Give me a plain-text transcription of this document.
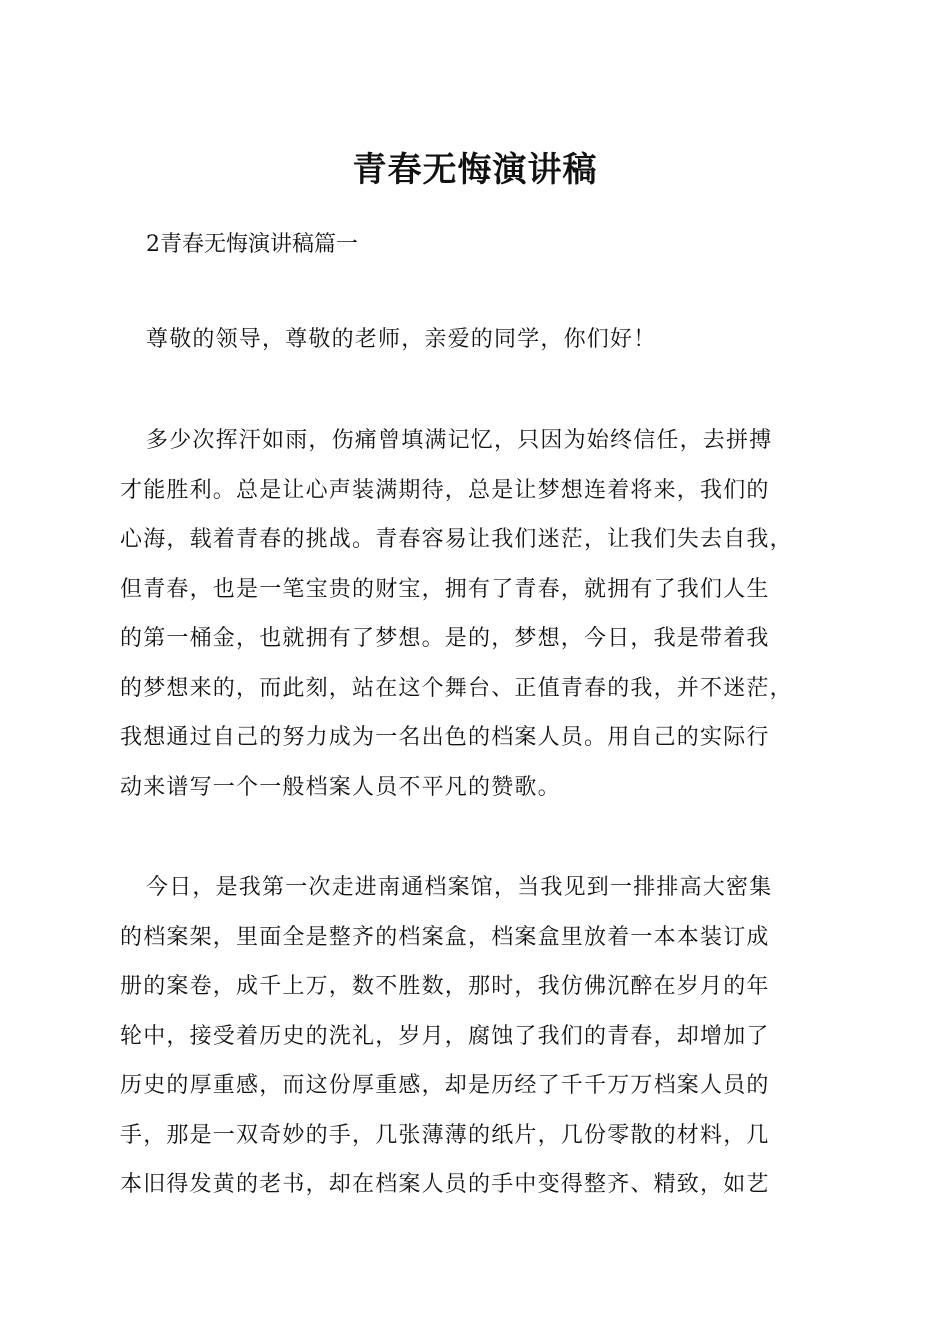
青春无悔演讲稿
2青春无悔演讲稿篇一
尊敬的领导，尊敬的老师，亲爱的同学，你们好！
多少次挥汗如雨，伤痛曾填满记忆，只因为始终信任，去拼搏
才能胜利。总是让心声装满期待，总是让梦想连着将来，我们的
心海，载着青春的挑战。青春容易让我们迷茫，让我们失去自我，
但青春，也是一笔宝贵的财宝，拥有了青春，就拥有了我们人生
的第一桶金，也就拥有了梦想。是的，梦想，今日，我是带着我
的梦想来的，而此刻，站在这个舞台、正值青春的我，并不迷茫，
我想通过自己的努力成为一名出色的档案人员。用自己的实际行
动来谱写一个一般档案人员不平凡的赞歌。
今日，是我第一次走进南通档案馆，当我见到一排排高大密集
的档案架，里面全是整齐的档案盒，档案盒里放着一本本装订成
册的案卷，成千上万，数不胜数，那时，我仿佛沉醉在岁月的年
轮中，接受着历史的洗礼，岁月，腐蚀了我们的青春，却增加了
历史的厚重感，而这份厚重感，却是历经了千千万万档案人员的
手，那是一双奇妙的手，几张薄薄的纸片，几份零散的材料，几
本旧得发黄的老书，却在档案人员的手中变得整齐、精致，如艺
